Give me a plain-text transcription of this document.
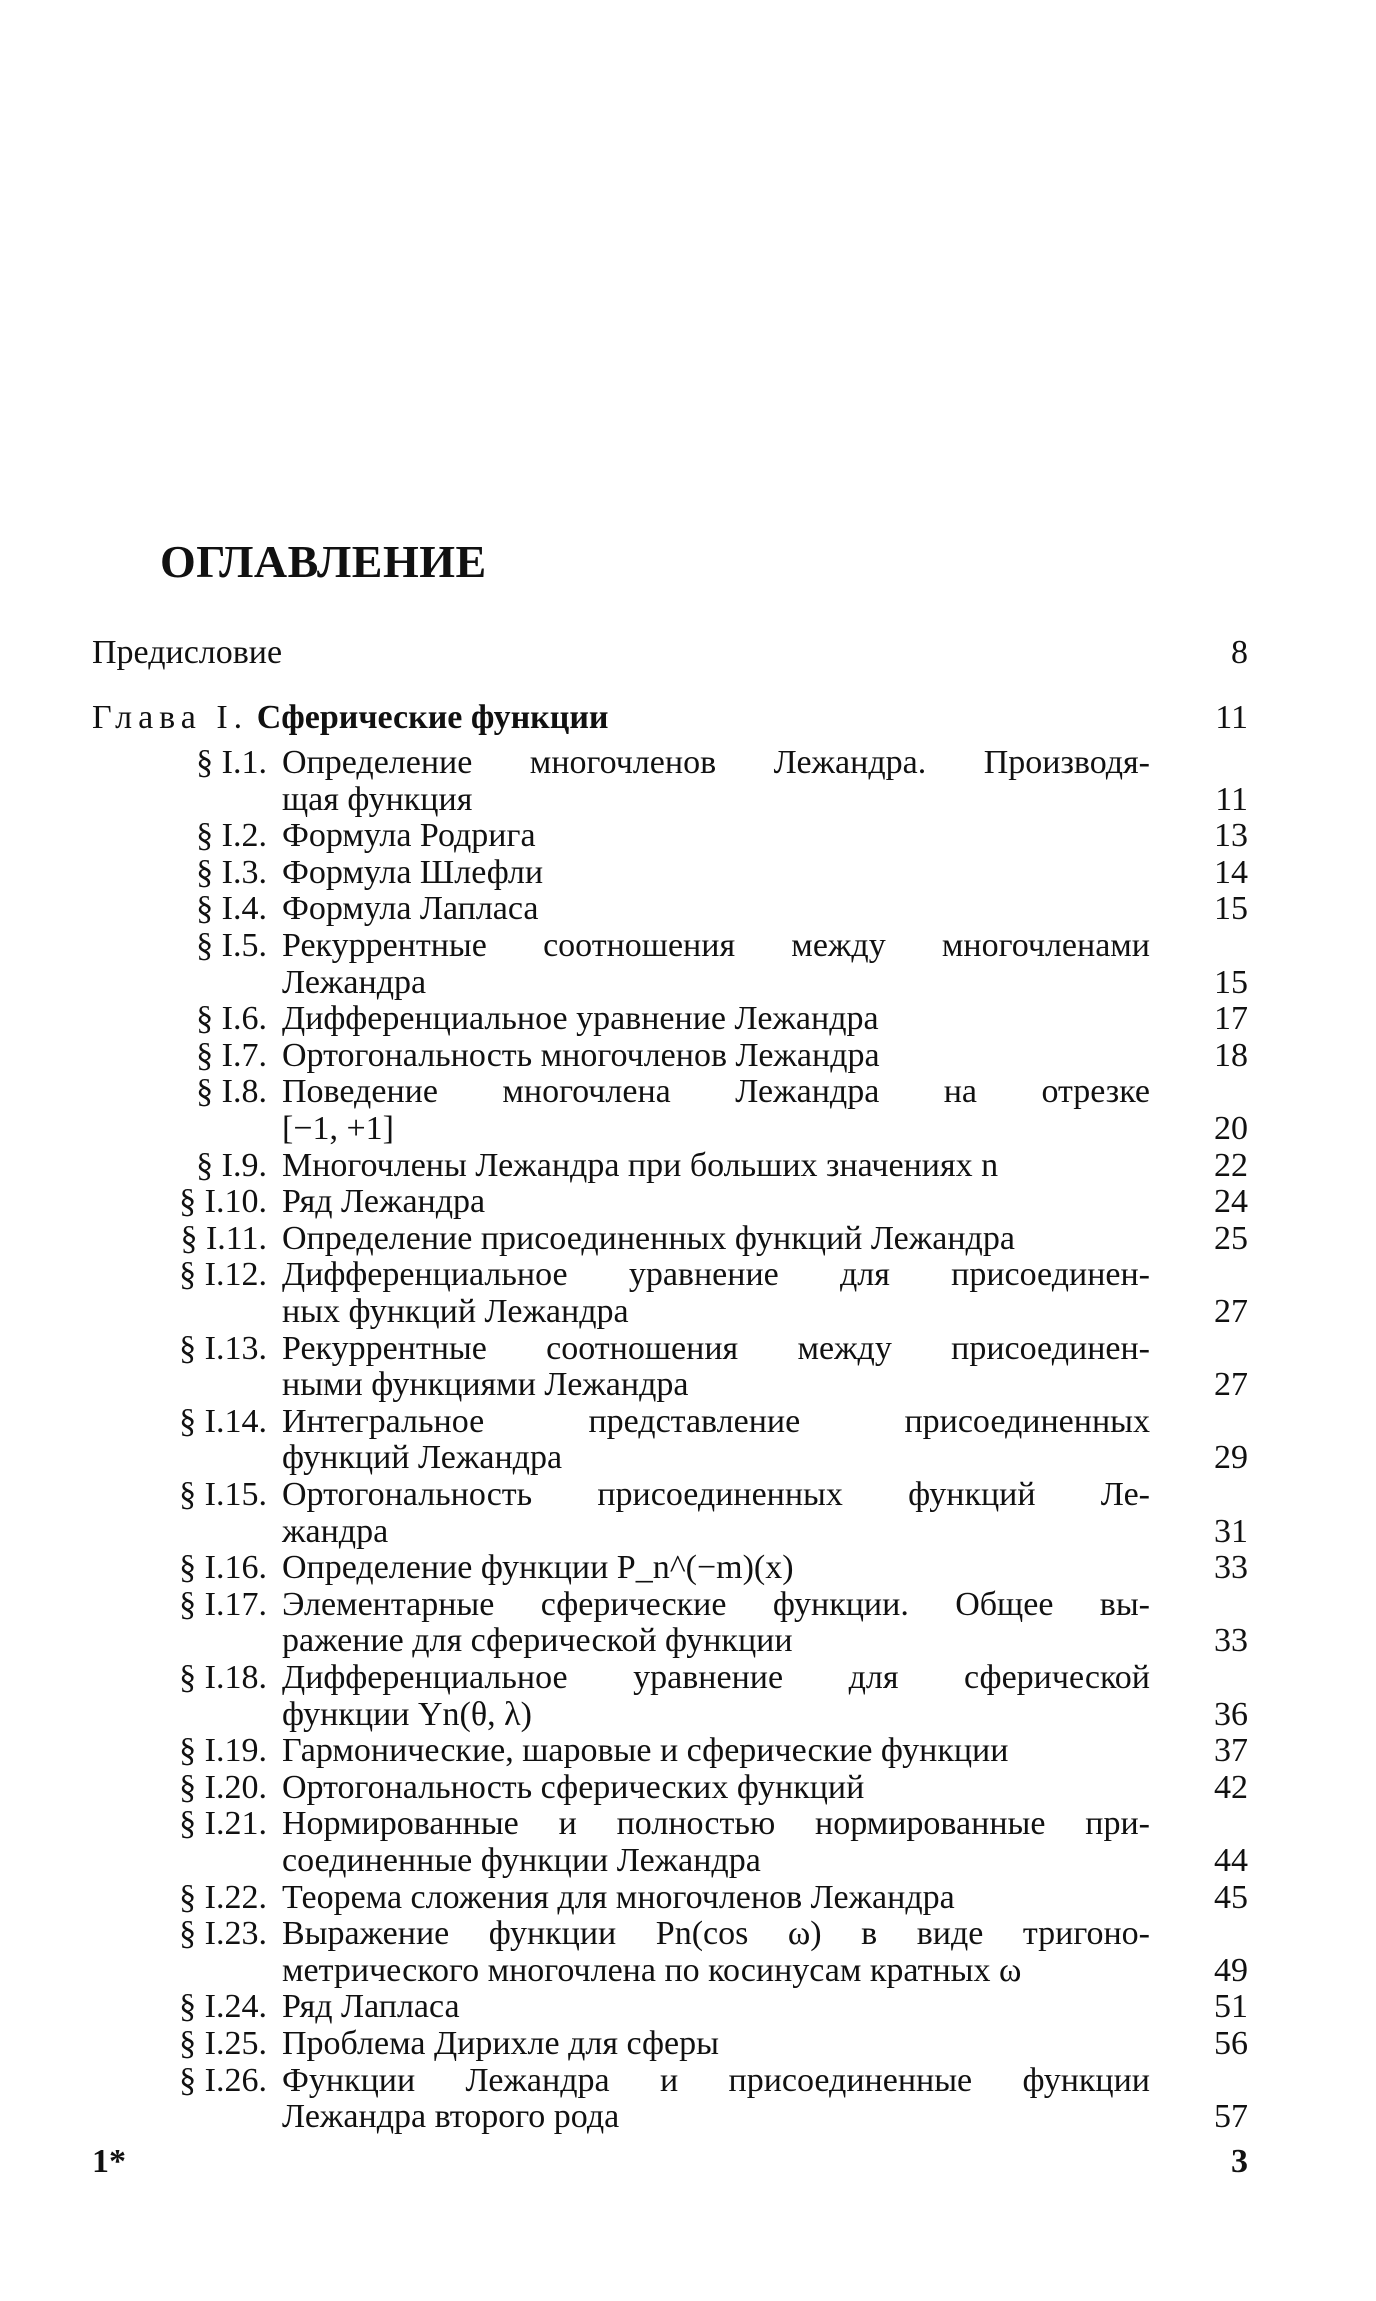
ОГЛАВЛЕНИЕ
Предисловие	8
Глава I. Сферические функции	11
§ I.1. Определение многочленов Лежандра. Производя-
щая функция	11
§ I.2. Формула Родрига	13
§ I.3. Формула Шлефли	14
§ I.4. Формула Лапласа	15
§ I.5. Рекуррентные соотношения между многочленами
Лежандра	15
§ I.6. Дифференциальное уравнение Лежандра	17
§ I.7. Ортогональность многочленов Лежандра	18
§ I.8. Поведение многочлена Лежандра на отрезке
[−1, +1]	20
§ I.9. Многочлены Лежандра при больших значениях n	22
§ I.10. Ряд Лежандра	24
§ I.11. Определение присоединенных функций Лежандра	25
§ I.12. Дифференциальное уравнение для присоединен-
ных функций Лежандра	27
§ I.13. Рекуррентные соотношения между присоединен-
ными функциями Лежандра	27
§ I.14. Интегральное представление присоединенных
функций Лежандра	29
§ I.15. Ортогональность присоединенных функций Ле-
жандра	31
§ I.16. Определение функции P_n^(−m)(x)	33
§ I.17. Элементарные сферические функции. Общее вы-
ражение для сферической функции	33
§ I.18. Дифференциальное уравнение для сферической
функции Yn(θ, λ)	36
§ I.19. Гармонические, шаровые и сферические функции	37
§ I.20. Ортогональность сферических функций	42
§ I.21. Нормированные и полностью нормированные при-
соединенные функции Лежандра	44
§ I.22. Теорема сложения для многочленов Лежандра	45
§ I.23. Выражение функции Pn(cos ω) в виде тригоно-
метрического многочлена по косинусам кратных ω	49
§ I.24. Ряд Лапласа	51
§ I.25. Проблема Дирихле для сферы	56
§ I.26. Функции Лежандра и присоединенные функции
Лежандра второго рода	57
1*	3
